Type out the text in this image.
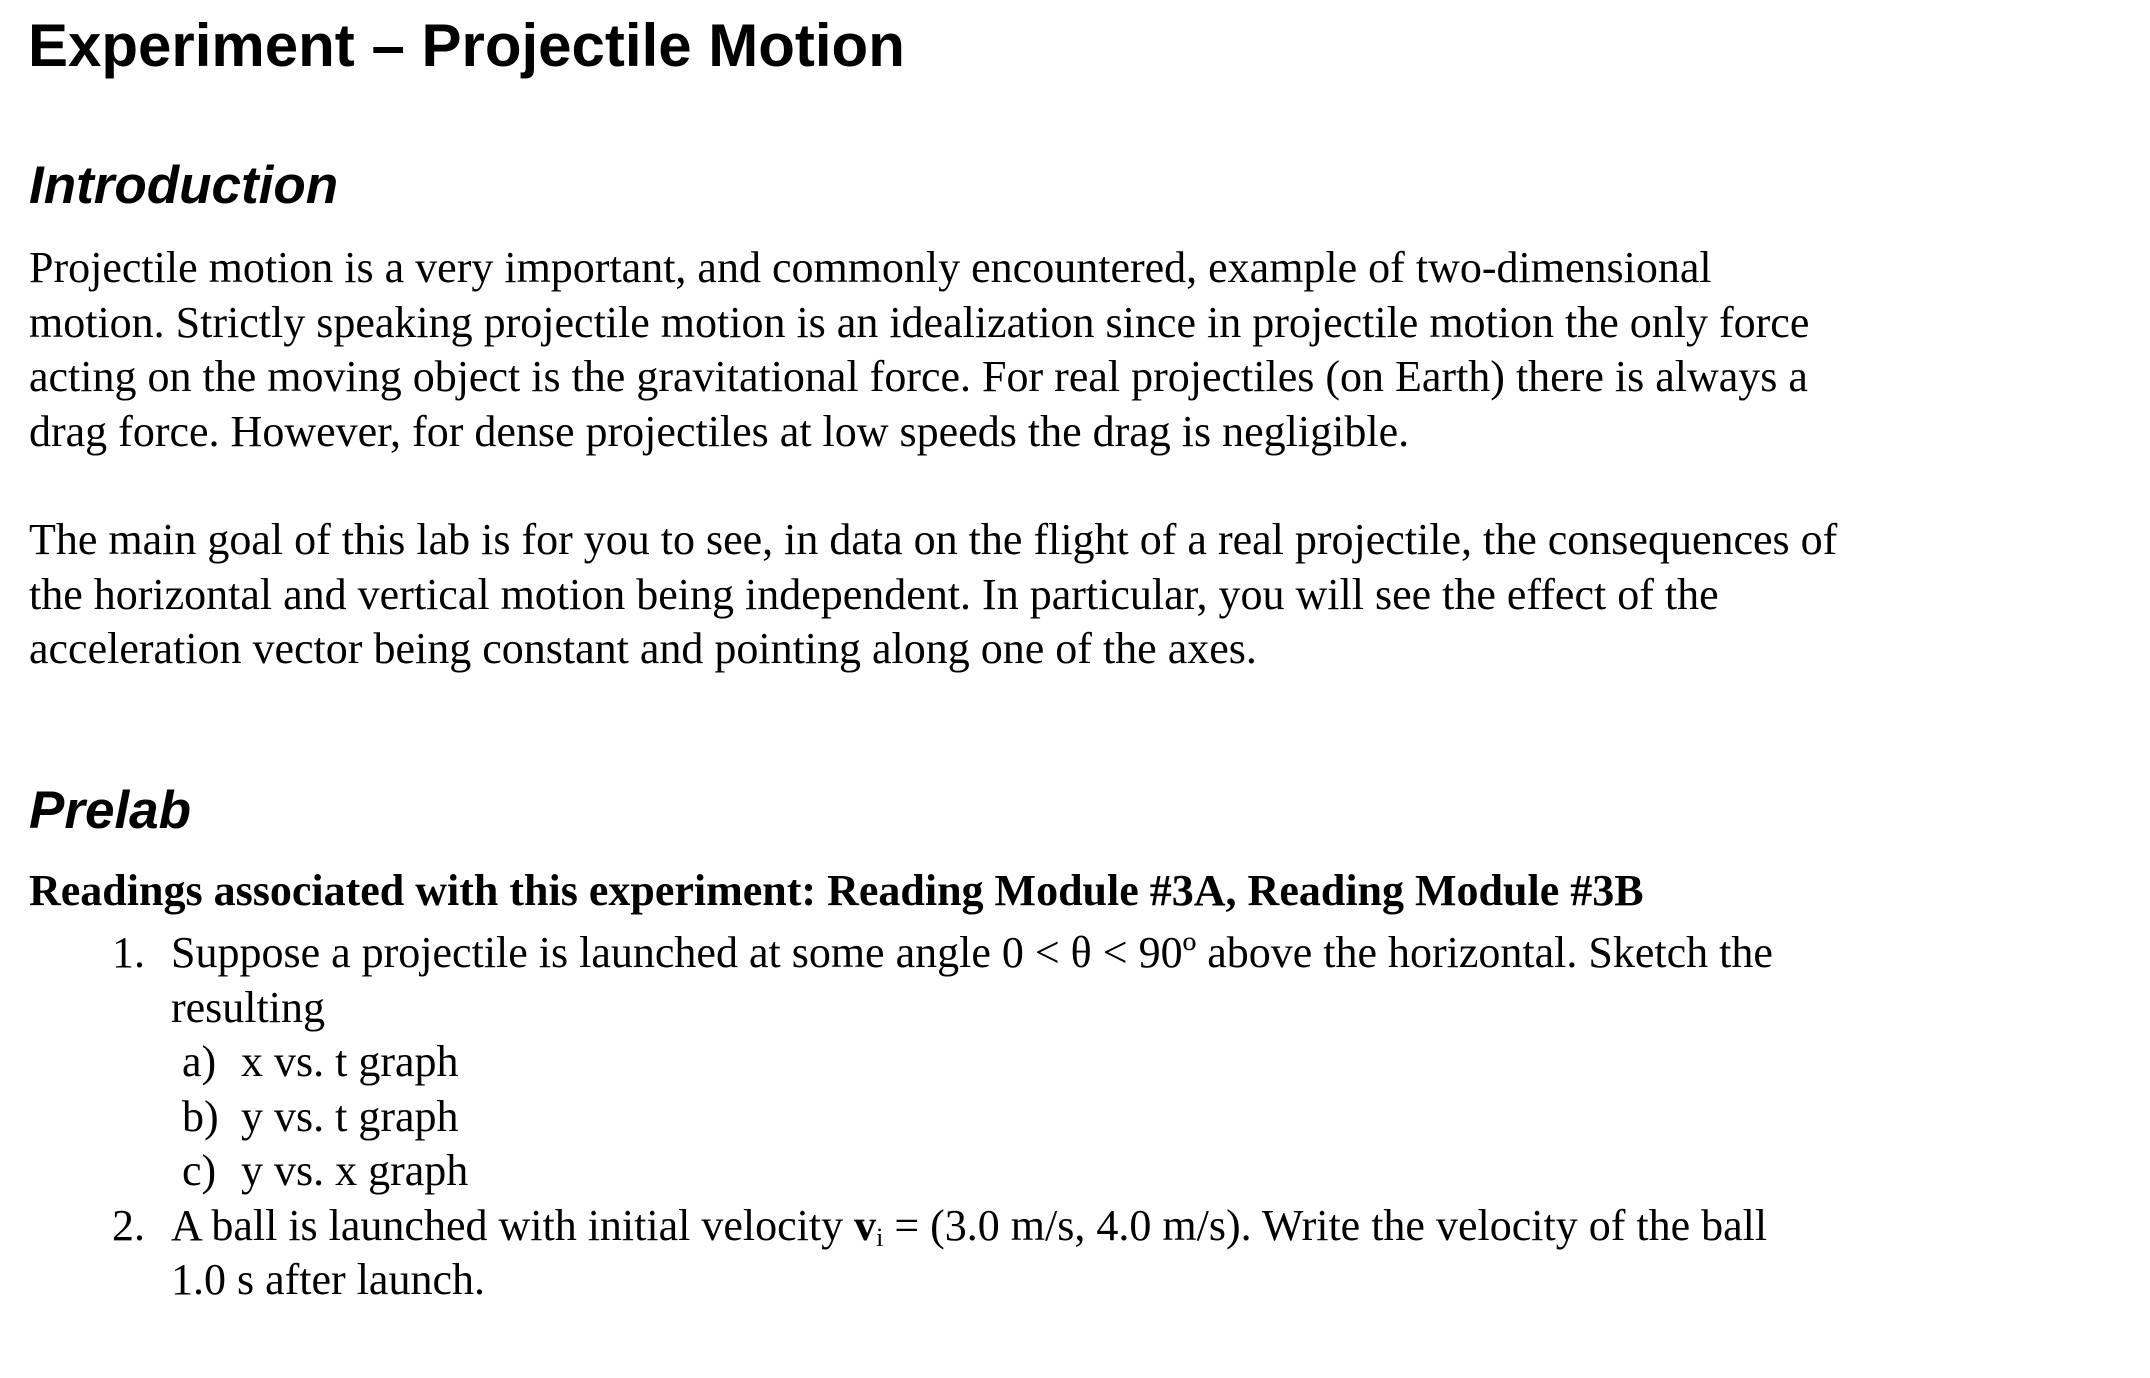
Experiment – Projectile Motion
Introduction
Projectile motion is a very important, and commonly encountered, example of two-dimensional
motion. Strictly speaking projectile motion is an idealization since in projectile motion the only force
acting on the moving object is the gravitational force. For real projectiles (on Earth) there is always a
drag force. However, for dense projectiles at low speeds the drag is negligible.
The main goal of this lab is for you to see, in data on the flight of a real projectile, the consequences of
the horizontal and vertical motion being independent. In particular, you will see the effect of the
acceleration vector being constant and pointing along one of the axes.
Prelab
Readings associated with this experiment: Reading Module #3A, Reading Module #3B
1. Suppose a projectile is launched at some angle 0 < θ < 90º above the horizontal. Sketch the
resulting
a) x vs. t graph
b) y vs. t graph
c) y vs. x graph
2. A ball is launched with initial velocity $v_i = (3.0$ m/s, 4.0 m/s). Write the velocity of the ball
1.0 s after launch.
